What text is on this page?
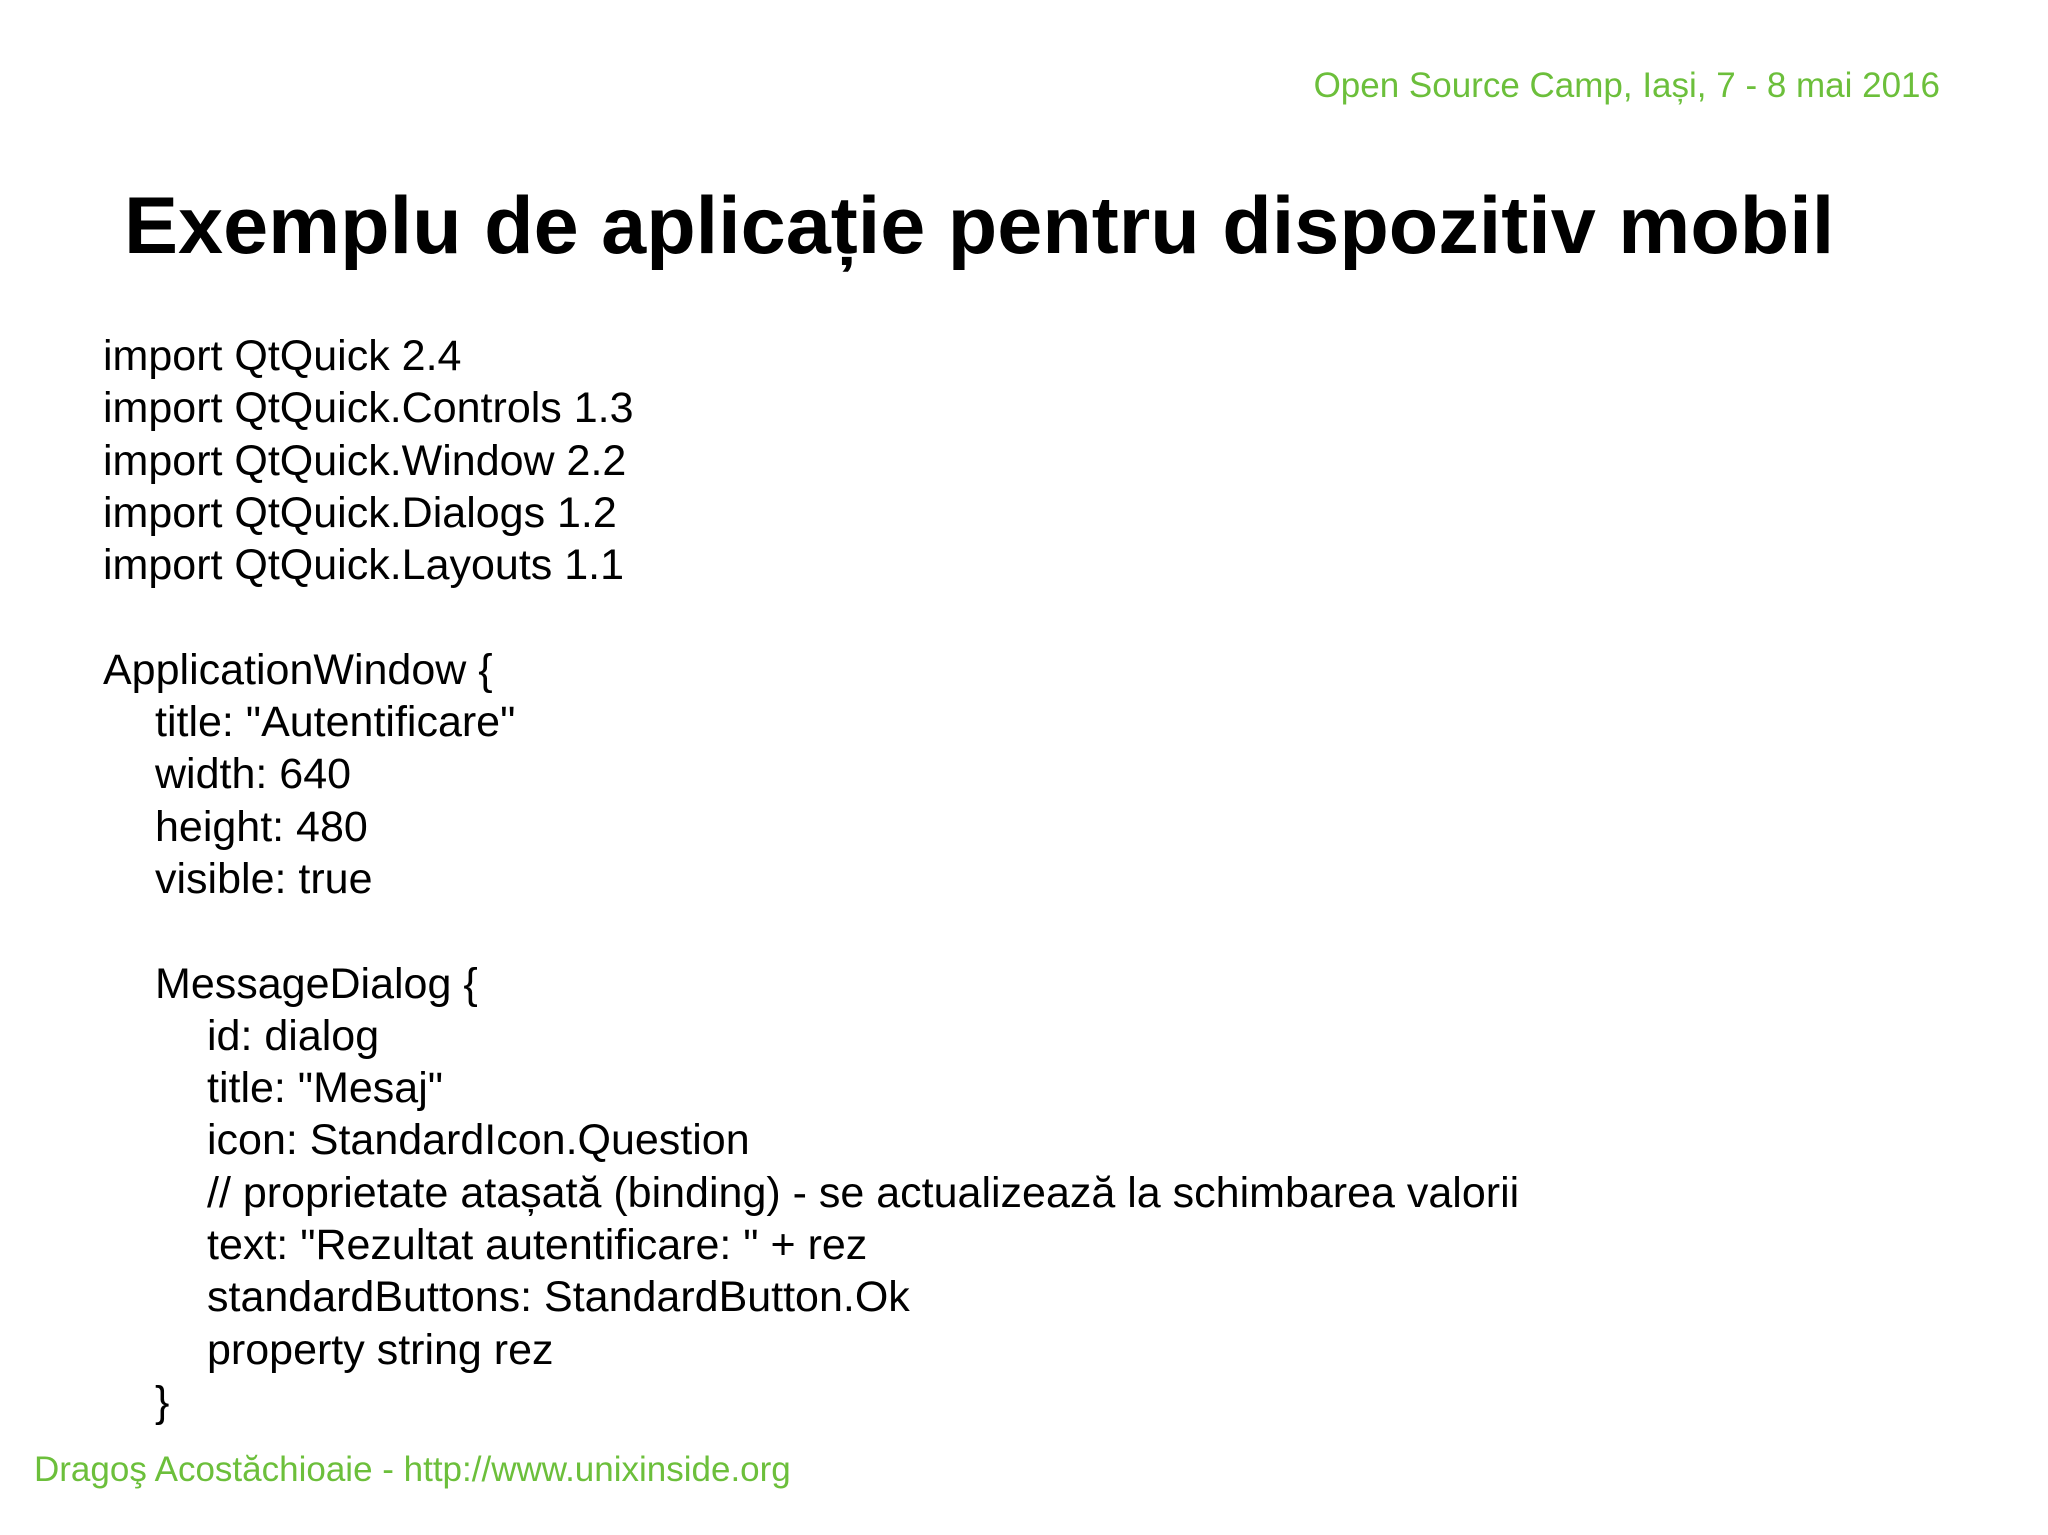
Open Source Camp, Iași, 7 - 8 mai 2016
Exemplu de aplicație pentru dispozitiv mobil
import QtQuick 2.4
import QtQuick.Controls 1.3
import QtQuick.Window 2.2
import QtQuick.Dialogs 1.2
import QtQuick.Layouts 1.1
ApplicationWindow {
title: "Autentificare"
width: 640
height: 480
visible: true
MessageDialog {
id: dialog
title: "Mesaj"
icon: StandardIcon.Question
// proprietate atașată (binding) - se actualizează la schimbarea valorii
text: "Rezultat autentificare: " + rez
standardButtons: StandardButton.Ok
property string rez
}
Dragoş Acostăchioaie - http://www.unixinside.org
